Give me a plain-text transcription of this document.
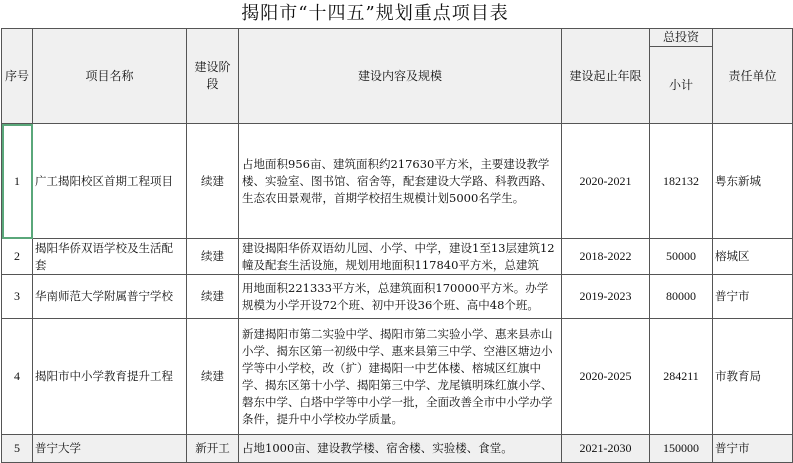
揭阳市“十四五”规划重点项目表
序号	项目名称	建设阶段	建设内容及规模	建设起止年限	总投资	责任单位
					小计	
1	广工揭阳校区首期工程项目	续建	占地面积956亩、建筑面积约217630平方米，主要建设教学楼、实验室、图书馆、宿舍等，配套建设大学路、科教西路、生态农田景观带，首期学校招生规模计划5000名学生。	2020-2021	182132	粤东新城
2	揭阳华侨双语学校及生活配套	续建	建设揭阳华侨双语幼儿园、小学、中学，建设1至13层建筑12幢及配套生活设施，规划用地面积117840平方米，总建筑	2018-2022	50000	榕城区
3	华南师范大学附属普宁学校	续建	用地面积221333平方米，总建筑面积170000平方米。办学规模为小学开设72个班、初中开设36个班、高中48个班。	2019-2023	80000	普宁市
4	揭阳市中小学教育提升工程	续建	新建揭阳市第二实验中学、揭阳市第二实验小学、惠来县赤山小学、揭东区第一初级中学、惠来县第三中学、空港区塘边小学等中小学校，改（扩）建揭阳一中艺体楼、榕城区红旗中学、揭东区第十小学、揭阳第三中学、龙尾镇明珠红旗小学、磐东中学、白塔中学等中小学一批，全面改善全市中小学办学条件，提升中小学校办学质量。	2020-2025	284211	市教育局
5	普宁大学	新开工	占地1000亩、建设教学楼、宿舍楼、实验楼、食堂。	2021-2030	150000	普宁市
